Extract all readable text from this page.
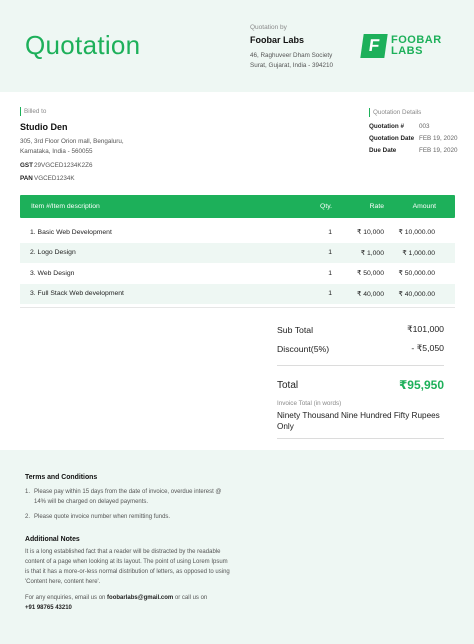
Quotation
Quotation by
Foobar Labs
46, Raghuveer Dham Society
Surat, Gujarat, India - 394210
F FOOBAR
LABS
Billed to
Studio Den
305, 3rd Floor Orion mall, Bengaluru, Karnataka, India - 560055
GST 29VGCED1234K2Z6
PAN VGCED1234K
Quotation Details
Quotation #	003
Quotation Date FEB 19, 2020
Due Date	FEB 19, 2020
Item #/Item description	Qty.	Rate	Amount
1. Basic Web Development	1	₹ 10,000	₹ 10,000.00
2. Logo Design	1	₹ 1,000	₹ 1,000.00
3. Web Design	1	₹ 50,000	₹ 50,000.00
3. Full Stack Web development	1	₹ 40,000	₹ 40,000.00
Sub Total	₹101,000
Discount(5%)	- ₹5,050
Total	₹95,950
Invoice Total (in words)
Ninety Thousand Nine Hundred Fifty Rupees Only
Terms and Conditions
1. Please pay within 15 days from the date of invoice, overdue interest @ 14% will be charged on delayed payments.
2. Please quote invoice number when remitting funds.
Additional Notes
It is a long established fact that a reader will be distracted by the readable content of a page when looking at its layout. The point of using Lorem Ipsum is that it has a more-or-less normal distribution of letters, as opposed to using 'Content here, content here'.
For any enquiries, email us on foobarlabs@gmail.com or call us on
+91 98765 43210
